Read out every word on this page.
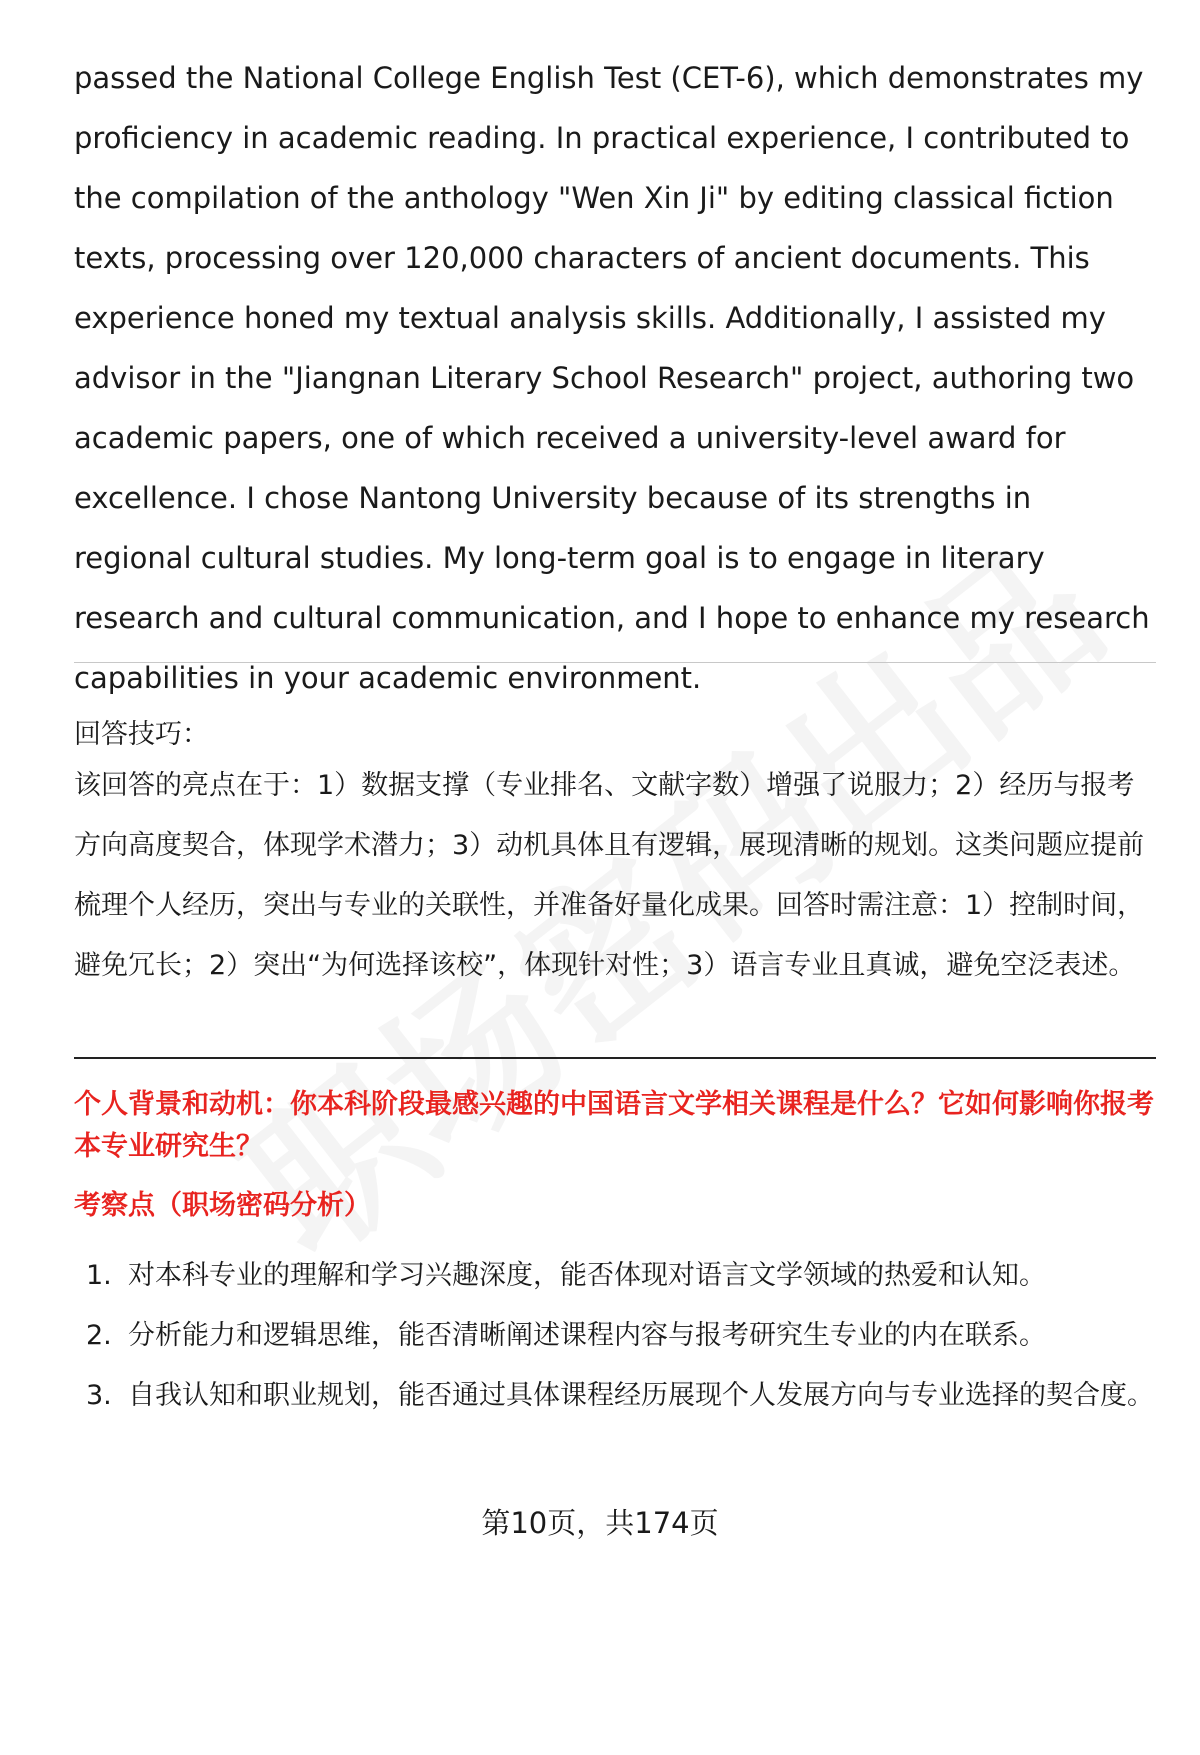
passed the National College English Test (CET-6), which demonstrates my proficiency in academic reading. In practical experience, I contributed to the compilation of the anthology "Wen Xin Ji" by editing classical fiction texts, processing over 120,000 characters of ancient documents. This experience honed my textual analysis skills. Additionally, I assisted my advisor in the "Jiangnan Literary School Research" project, authoring two academic papers, one of which received a university-level award for excellence. I chose Nantong University because of its strengths in regional cultural studies. My long-term goal is to engage in literary research and cultural communication, and I hope to enhance my research capabilities in your academic environment.

回答技巧：
该回答的亮点在于：1）数据支撑（专业排名、文献字数）增强了说服力；2）经历与报考方向高度契合，体现学术潜力；3）动机具体且有逻辑，展现清晰的规划。这类问题应提前梳理个人经历，突出与专业的关联性，并准备好量化成果。回答时需注意：1）控制时间，避免冗长；2）突出“为何选择该校”，体现针对性；3）语言专业且真诚，避免空泛表述。
个人背景和动机：你本科阶段最感兴趣的中国语言文学相关课程是什么？它如何影响你报考本专业研究生？
考察点（职场密码分析）
1. 对本科专业的理解和学习兴趣深度，能否体现对语言文学领域的热爱和认知。
2. 分析能力和逻辑思维，能否清晰阐述课程内容与报考研究生专业的内在联系。
3. 自我认知和职业规划，能否通过具体课程经历展现个人发展方向与专业选择的契合度。
第10页，共174页
